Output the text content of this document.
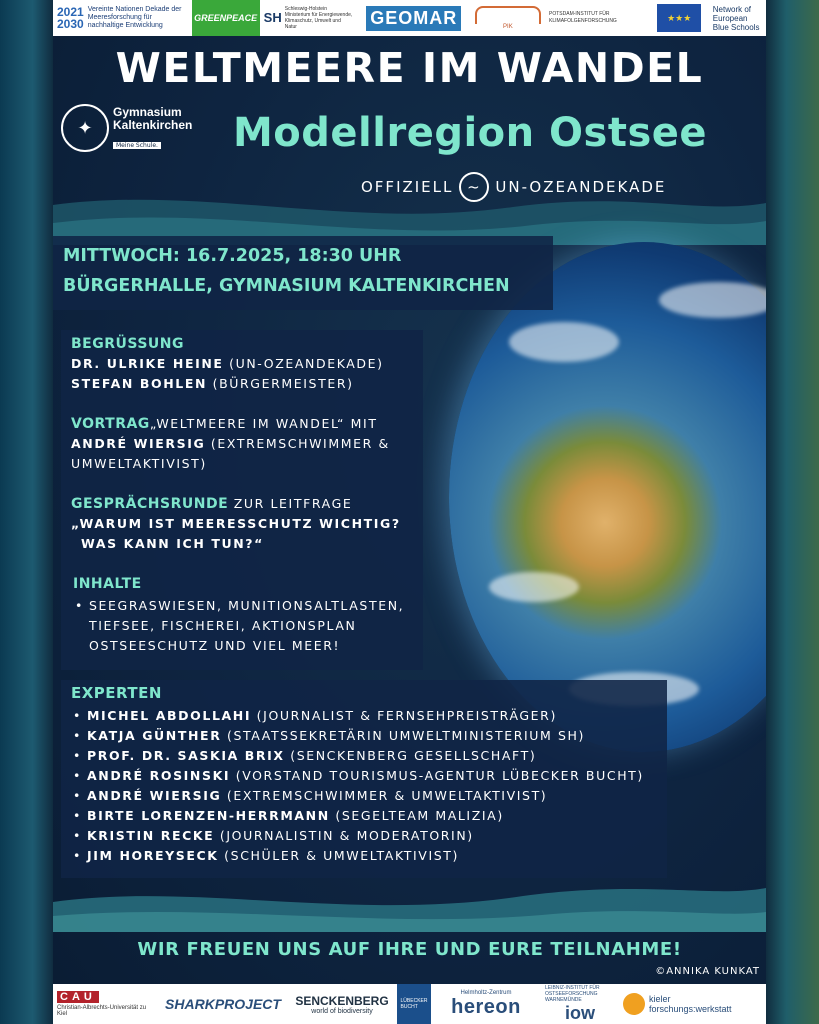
2021
2030
Vereinte Nationen Dekade der Meeresforschung für nachhaltige Entwicklung
GREENPEACE SH
Schleswig-Holstein Ministerium für Energiewende, Klimaschutz, Umwelt und Natur	GEOMAR	PIK
POTSDAM-INSTITUT FÜR KLIMAFOLGENFORSCHUNG	★★★
Network of European Blue Schools
WELTMEERE IM WANDEL
✦
Gymnasium
Kaltenkirchen
Meine Schule.	Modellregion Ostsee
OFFIZIELL ~ UN-OZEANDEKADE
MITTWOCH: 16.7.2025, 18:30 UHR
BÜRGERHALLE, GYMNASIUM KALTENKIRCHEN
BEGRÜSSUNG
DR. ULRIKE HEINE (UN-OZEANDEKADE)
STEFAN BOHLEN (BÜRGERMEISTER)
VORTRAG„WELTMEERE IM WANDEL“ MIT
ANDRÉ WIERSIG (EXTREMSCHWIMMER &
UMWELTAKTIVIST)
GESPRÄCHSRUNDE ZUR LEITFRAGE
„WARUM IST MEERESSCHUTZ WICHTIG?
WAS KANN ICH TUN?“
INHALTE
• SEEGRASWIESEN, MUNITIONSALTLASTEN,
TIEFSEE, FISCHEREI, AKTIONSPLAN
OSTSEESCHUTZ UND VIEL MEER!
EXPERTEN
• MICHEL ABDOLLAHI (JOURNALIST & FERNSEHPREISTRÄGER)
• KATJA GÜNTHER (STAATSSEKRETÄRIN UMWELTMINISTERIUM SH)
• PROF. DR. SASKIA BRIX (SENCKENBERG GESELLSCHAFT)
• ANDRÉ ROSINSKI (VORSTAND TOURISMUS-AGENTUR LÜBECKER BUCHT)
• ANDRÉ WIERSIG (EXTREMSCHWIMMER & UMWELTAKTIVIST)
• BIRTE LORENZEN-HERRMANN (SEGELTEAM MALIZIA)
• KRISTIN RECKE (JOURNALISTIN & MODERATORIN)
• JIM HOREYSECK (SCHÜLER & UMWELTAKTIVIST)
WIR FREUEN UNS AUF IHRE UND EURE TEILNAHME!
©ANNIKA KUNKAT
CAU
Christian-Albrechts-Universität zu Kiel
SHARKPROJECT	SENCKENBERG
world of biodiversity
LÜBECKER BUCHT
Helmholtz-Zentrum
hereon
LEIBNIZ-INSTITUT FÜR OSTSEEFORSCHUNG WARNEMÜNDE
iow
kieler
forschungs:werkstatt
